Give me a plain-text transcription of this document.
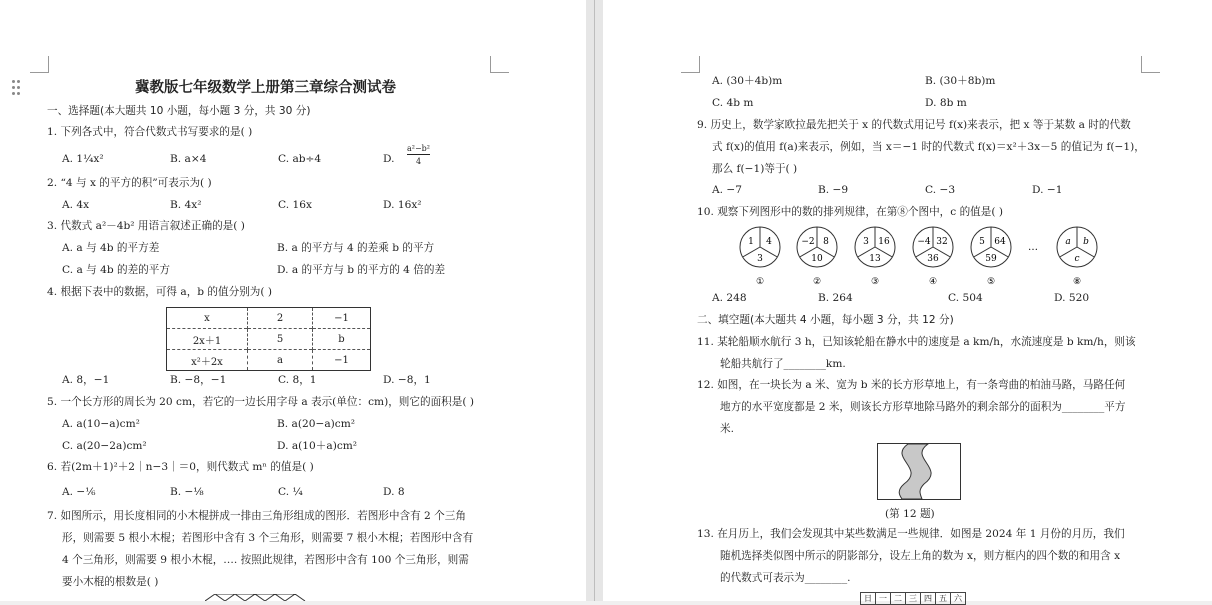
冀教版七年级数学上册第三章综合测试卷
一、选择题(本大题共 10 小题，每小题 3 分，共 30 分)
1. 下列各式中，符合代数式书写要求的是( )
A. 1¼x²	B. a×4	C. ab÷4	D.
a²−b²
4
2. “4 与 x 的平方的积”可表示为( )
A. 4x	B. 4x²	C. 16x	D. 16x²
3. 代数式 a²－4b² 用语言叙述正确的是( )
A. a 与 4b 的平方差	B. a 的平方与 4 的差乘 b 的平方
C. a 与 4b 的差的平方	D. a 的平方与 b 的平方的 4 倍的差
4. 根据下表中的数据，可得 a，b 的值分别为( )
x	2	−1
2x＋1	5	b
x²＋2x	a	−1
A. 8，−1	B. −8，−1	C. 8，1	D. −8，1
5. 一个长方形的周长为 20 cm，若它的一边长用字母 a 表示(单位：cm)，则它的面积是( )
A. a(10−a)cm²	B. a(20−a)cm²
C. a(20−2a)cm²	D. a(10＋a)cm²
6. 若(2m＋1)²＋2｜n−3｜＝0，则代数式 mⁿ 的值是( )
A. −⅙	B. −⅛	C. ¼	D. 8
7. 如图所示，用长度相同的小木棍拼成一排由三角形组成的图形．若图形中含有 2 个三角
形，则需要 5 根小木棍；若图形中含有 3 个三角形，则需要 7 根小木棍；若图形中含有
4 个三角形，则需要 9 根小木棍，…. 按照此规律，若图形中含有 100 个三角形，则需
要小木棍的根数是( )
A. (30＋4b)m	B. (30＋8b)m
C. 4b m	D. 8b m
9. 历史上，数学家欧拉最先把关于 x 的代数式用记号 f(x)来表示，把 x 等于某数 a 时的代数
式 f(x)的值用 f(a)来表示，例如，当 x＝−1 时的代数式 f(x)＝x²＋3x－5 的值记为 f(−1)，
那么 f(−1)等于( )
A. −7	B. −9	C. −3	D. −1
10. 观察下列图形中的数的排列规律，在第⑧个图中，c 的值是( )
1 4
3
①
−2 8
10
②
3 16
13
③
−4 32
36
④
5 64
59
⑤
…	a b
c
⑧
A. 248	B. 264	C. 504	D. 520
二、填空题(本大题共 4 小题，每小题 3 分，共 12 分)
11. 某轮船顺水航行 3 h，已知该轮船在静水中的速度是 a km/h，水流速度是 b km/h，则该
轮船共航行了________km.
12. 如图，在一块长为 a 米、宽为 b 米的长方形草地上，有一条弯曲的柏油马路，马路任何
地方的水平宽度都是 2 米，则该长方形草地除马路外的剩余部分的面积为________平方
米.
(第 12 题)
13. 在月历上，我们会发现其中某些数满足一些规律．如图是 2024 年 1 月份的月历，我们
随机选择类似图中所示的阴影部分，设左上角的数为 x，则方框内的四个数的和用含 x
的代数式可表示为________.
日	一	二	三	四	五	六
